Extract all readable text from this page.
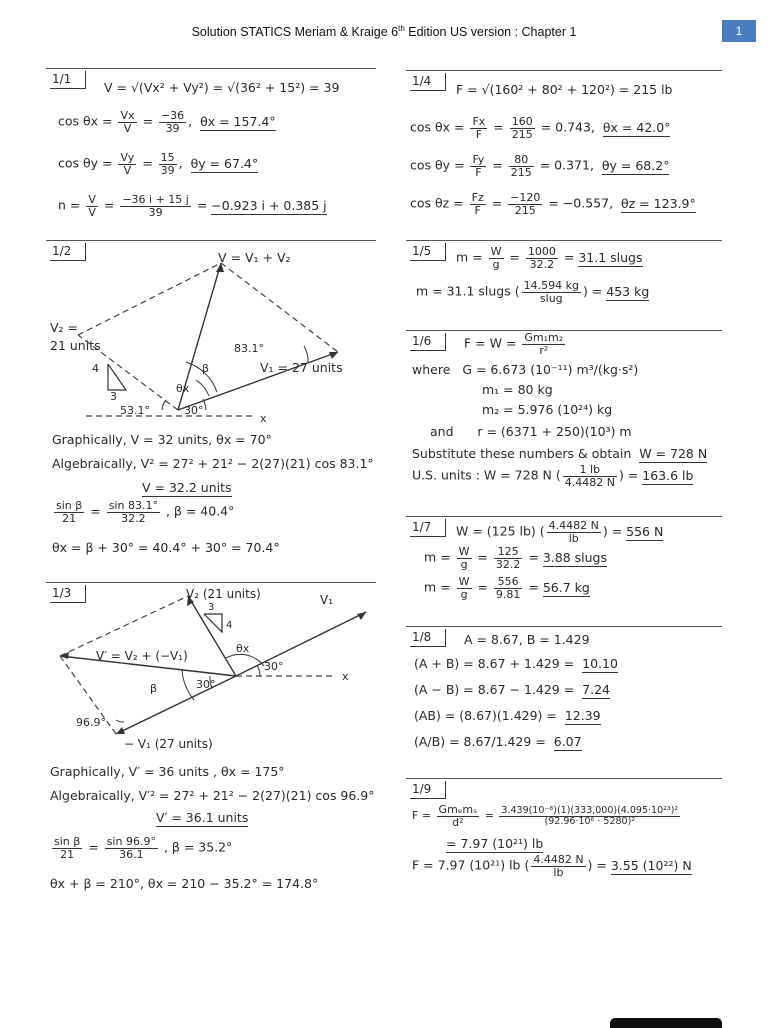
Solution STATICS Meriam & Kraige 6th Edition US version : Chapter 1	1
1/1
V = √(Vx² + Vy²) = √(36² + 15²) = 39
$\cos \theta x = \frac{Vx}{V} = \frac{-36}{39}$ ,  θx = 157.4°
$\cos \theta y = \frac{Vy}{V} = \frac{15}{39}$ ,  θy = 67.4°
$n = \frac{V}{V} = \frac{-36 i + 15 j}{39} = -0.923$ i + 0.385 j
1/2	V = V₁ + V₂
V₂ =
21 units
V₁ = 27 units
4
3
83.1°
β
θx
53.1°	30°
x
Graphically, V = 32 units, θx = 70°
Algebraically, V² = 27² + 21² − 2(27)(21) cos 83.1°
V = 32.2 units
$\frac{\text{sin β}}{21} = \frac{\sin 83.1^\circ}{32.2}$ , β = 40.4°
θx = β + 30° = 40.4° + 30° = 70.4°
1/3	V₂ (21 units)	V₁
3
4
θx
V′ = V₂ + (−V₁)
30°
30°
β
96.9°
x
− V₁ (27 units)
Graphically, V′ = 36 units , θx = 175°
Algebraically, V′² = 27² + 21² − 2(27)(21) cos 96.9°
V′ = 36.1 units
$\frac{\text{sin β}}{21} = \frac{\sin 96.9^\circ}{36.1}$ , β = 35.2°
θx + β = 210°, θx = 210 − 35.2° = 174.8°
1/4
F = √(160² + 80² + 120²) = 215 lb
$\cos \theta x = \frac{Fx}{F} = \frac{160}{215} = 0.743$, θx = 42.0°
$\cos \theta y = \frac{Fy}{F} = \frac{80}{215} = 0.371$, θy = 68.2°
$\cos \theta z = \frac{Fz}{F} = \frac{-120}{215} = -0.557$, θz = 123.9°
1/5	$m = \frac{W}{g} = \frac{1000}{32.2} = 31.1$ slugs
m = 31.1 slugs ( $\frac{14.594 kg}{\text{slug}}$ ) = 453 kg
1/6	$F = W = \frac{\text{Gm₁m₂}}{\text{r²}}$
where G = 6.673 (10⁻¹¹) m³/(kg·s²)
m₁ = 80 kg
m₂ = 5.976 (10²⁴) kg
and r = (6371 + 250)(10³) m
Substitute these numbers & obtain W = 728 N
U.S. units : W = 728 N ( $\frac{1 lb}{4.4482 N}$ ) = 163.6 lb
1/7	W = (125 lb) ( $\frac{4.4482 N}{lb}$ ) = 556 N
$m = \frac{W}{g} = \frac{125}{32.2} = 3.88$ slugs
$m = \frac{W}{g} = \frac{556}{9.81} = 56.7$ kg
1/8	A = 8.67, B = 1.429
(A + B) = 8.67 + 1.429 = 10.10
(A − B) = 8.67 − 1.429 = 7.24
(AB) = (8.67)(1.429) = 12.39
(A/B) = 8.67/1.429 = 6.07
1/9
$F = \frac{\text{Gmₑmₛ}}{\text{d²}} = \frac{\text{3.439(10⁻⁸)(1)(333,000)(4.095·10²³)²}}{\text{(92.96·10⁶ · 5280)²}}$
= 7.97 (10²¹) lb
F = 7.97 (10²¹) lb ( $\frac{4.4482 N}{lb}$ ) = 3.55 (10²²) N
